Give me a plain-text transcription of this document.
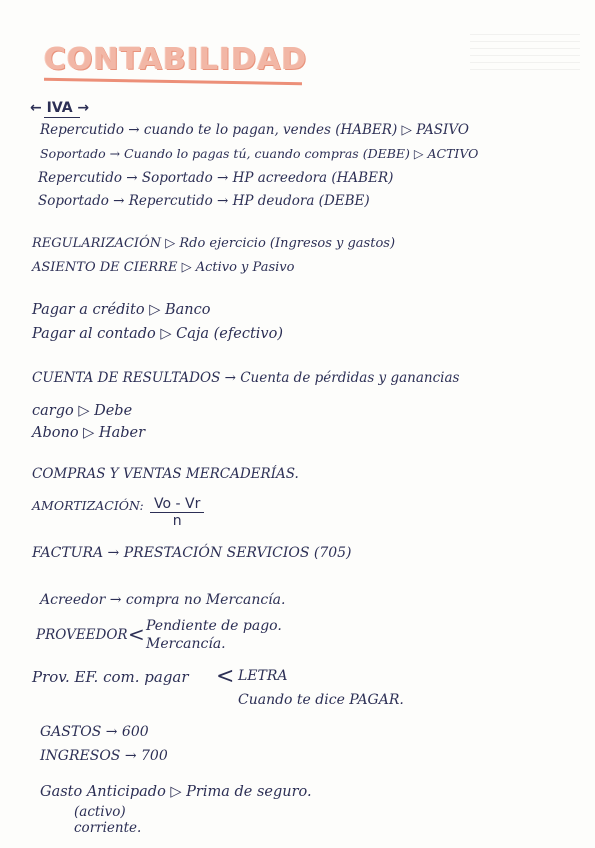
CONTABILIDAD
← IVA →
Repercutido → cuando te lo pagan, vendes (HABER) ▷ PASIVO
Soportado → Cuando lo pagas tú, cuando compras (DEBE) ▷ ACTIVO
Repercutido → Soportado → HP acreedora (HABER)
Soportado → Repercutido → HP deudora (DEBE)
REGULARIZACIÓN ▷ Rdo ejercicio (Ingresos y gastos)
ASIENTO DE CIERRE ▷ Activo y Pasivo
Pagar a crédito ▷ Banco
Pagar al contado ▷ Caja (efectivo)
CUENTA DE RESULTADOS → Cuenta de pérdidas y ganancias
cargo ▷ Debe
Abono ▷ Haber
COMPRAS Y VENTAS MERCADERÍAS.
AMORTIZACIÓN: $\frac{Vo - Vr}{n}$
FACTURA → PRESTACIÓN SERVICIOS (705)
Acreedor → compra no Mercancía.
PROVEEDOR < Pendiente de pago.
Mercancía.
Prov. EF. com. pagar < LETRA
Cuando te dice PAGAR.
GASTOS → 600
INGRESOS → 700
Gasto Anticipado ▷ Prima de seguro.
(activo)
corriente.
